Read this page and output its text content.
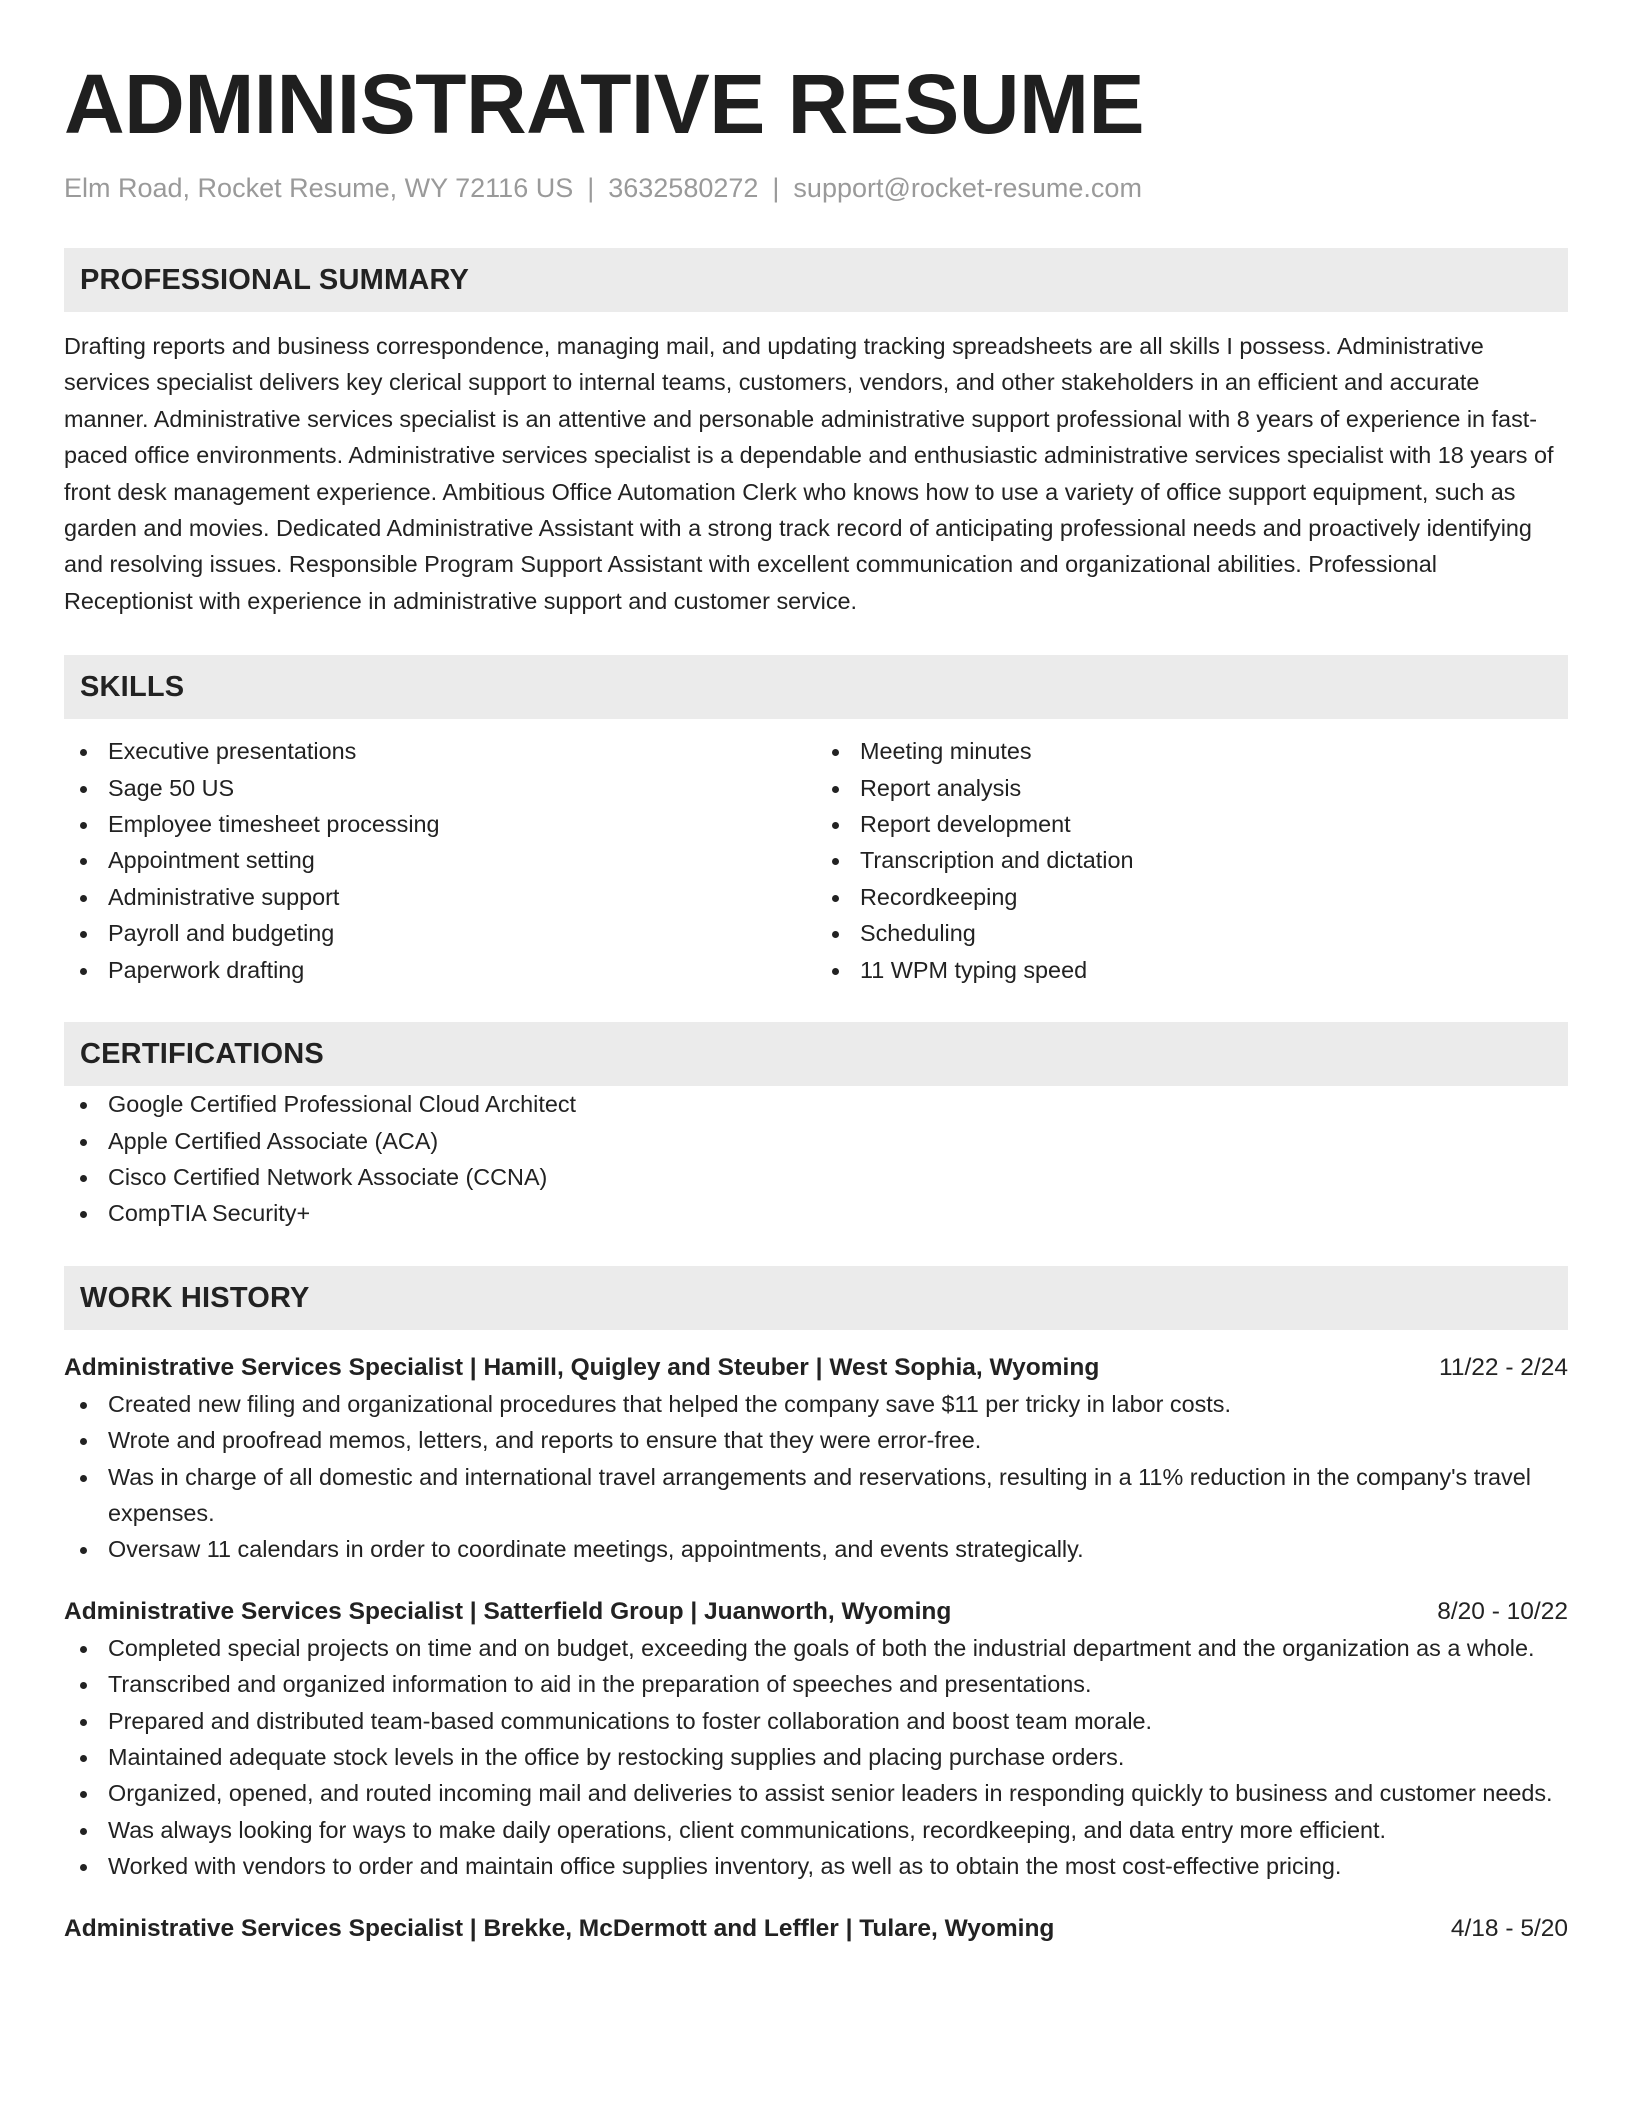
ADMINISTRATIVE RESUME
Elm Road, Rocket Resume, WY 72116 US | 3632580272 | support@rocket-resume.com
PROFESSIONAL SUMMARY
Drafting reports and business correspondence, managing mail, and updating tracking spreadsheets are all skills I possess. Administrative services specialist delivers key clerical support to internal teams, customers, vendors, and other stakeholders in an efficient and accurate manner. Administrative services specialist is an attentive and personable administrative support professional with 8 years of experience in fast-paced office environments. Administrative services specialist is a dependable and enthusiastic administrative services specialist with 18 years of front desk management experience. Ambitious Office Automation Clerk who knows how to use a variety of office support equipment, such as garden and movies. Dedicated Administrative Assistant with a strong track record of anticipating professional needs and proactively identifying and resolving issues. Responsible Program Support Assistant with excellent communication and organizational abilities. Professional Receptionist with experience in administrative support and customer service.
SKILLS
Executive presentations
Sage 50 US
Employee timesheet processing
Appointment setting
Administrative support
Payroll and budgeting
Paperwork drafting
Meeting minutes
Report analysis
Report development
Transcription and dictation
Recordkeeping
Scheduling
11 WPM typing speed
CERTIFICATIONS
Google Certified Professional Cloud Architect
Apple Certified Associate (ACA)
Cisco Certified Network Associate (CCNA)
CompTIA Security+
WORK HISTORY
Administrative Services Specialist | Hamill, Quigley and Steuber | West Sophia, Wyoming	11/22 - 2/24
Created new filing and organizational procedures that helped the company save $11 per tricky in labor costs.
Wrote and proofread memos, letters, and reports to ensure that they were error-free.
Was in charge of all domestic and international travel arrangements and reservations, resulting in a 11% reduction in the company's travel expenses.
Oversaw 11 calendars in order to coordinate meetings, appointments, and events strategically.
Administrative Services Specialist | Satterfield Group | Juanworth, Wyoming	8/20 - 10/22
Completed special projects on time and on budget, exceeding the goals of both the industrial department and the organization as a whole.
Transcribed and organized information to aid in the preparation of speeches and presentations.
Prepared and distributed team-based communications to foster collaboration and boost team morale.
Maintained adequate stock levels in the office by restocking supplies and placing purchase orders.
Organized, opened, and routed incoming mail and deliveries to assist senior leaders in responding quickly to business and customer needs.
Was always looking for ways to make daily operations, client communications, recordkeeping, and data entry more efficient.
Worked with vendors to order and maintain office supplies inventory, as well as to obtain the most cost-effective pricing.
Administrative Services Specialist | Brekke, McDermott and Leffler | Tulare, Wyoming	4/18 - 5/20
